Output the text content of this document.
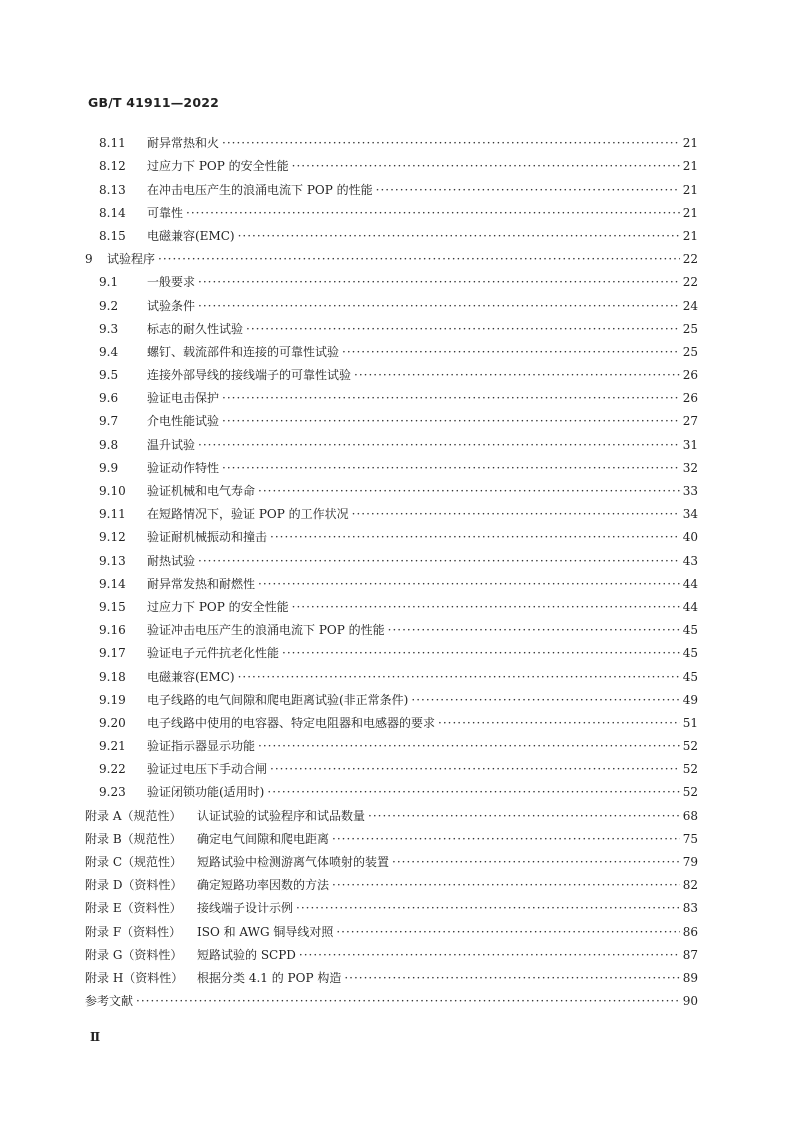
GB/T 41911—2022
8.11	耐异常热和火 ·····	21
8.12	过应力下 POP 的安全性能 ·····	21
8.13	在冲击电压产生的浪涌电流下 POP 的性能 ·····	21
8.14	可靠性 ·····	21
8.15	电磁兼容(EMC) ·····	21
9	试验程序 ·····	22
9.1	一般要求 ·····	22
9.2	试验条件 ·····	24
9.3	标志的耐久性试验 ·····	25
9.4	螺钉、载流部件和连接的可靠性试验 ·····	25
9.5	连接外部导线的接线端子的可靠性试验 ·····	26
9.6	验证电击保护 ·····	26
9.7	介电性能试验 ·····	27
9.8	温升试验 ·····	31
9.9	验证动作特性 ·····	32
9.10	验证机械和电气寿命 ·····	33
9.11	在短路情况下，验证 POP 的工作状况 ·····	34
9.12	验证耐机械振动和撞击 ·····	40
9.13	耐热试验 ·····	43
9.14	耐异常发热和耐燃性 ·····	44
9.15	过应力下 POP 的安全性能 ·····	44
9.16	验证冲击电压产生的浪涌电流下 POP 的性能 ·····	45
9.17	验证电子元件抗老化性能 ·····	45
9.18	电磁兼容(EMC) ·····	45
9.19	电子线路的电气间隙和爬电距离试验(非正常条件) ·····	49
9.20	电子线路中使用的电容器、特定电阻器和电感器的要求 ·····	51
9.21	验证指示器显示功能 ·····	52
9.22	验证过电压下手动合闸 ·····	52
9.23	验证闭锁功能(适用时) ·····	52
附录 A（规范性）	认证试验的试验程序和试品数量 ·····	68
附录 B（规范性）	确定电气间隙和爬电距离 ·····	75
附录 C（规范性）	短路试验中检测游离气体喷射的装置 ·····	79
附录 D（资料性）	确定短路功率因数的方法 ·····	82
附录 E（资料性）	接线端子设计示例 ·····	83
附录 F（资料性）	ISO 和 AWG 铜导线对照 ·····	86
附录 G（资料性）	短路试验的 SCPD ·····	87
附录 H（资料性）	根据分类 4.1 的 POP 构造 ·····	89
参考文献 ·····	90
Ⅱ
